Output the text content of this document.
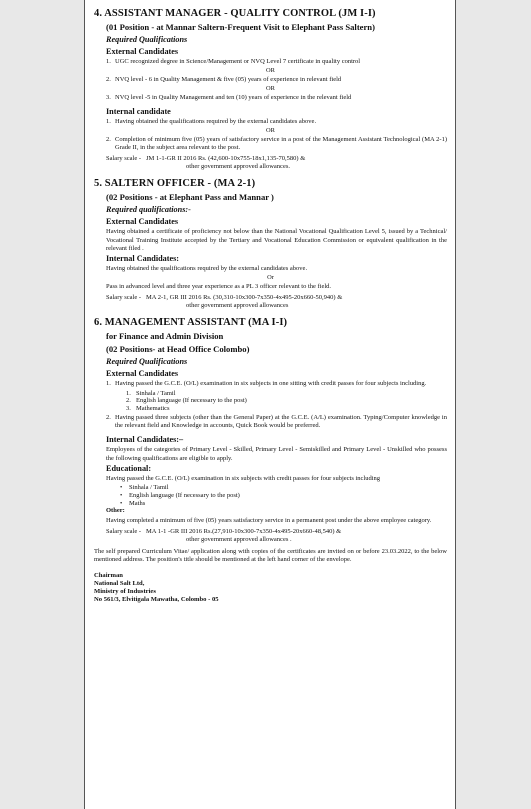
4. ASSISTANT MANAGER - QUALITY CONTROL (JM I-I)
(01 Position - at Mannar Saltern-Frequent Visit to Elephant Pass Saltern)
Required Qualifications
External Candidates
1. UGC recognized degree in Science/Management or NVQ Level 7 certificate in quality control
OR
2. NVQ level - 6 in Quality Management & five (05) years of experience in relevant field
OR
3. NVQ level -5 in Quality Management and ten (10) years of experience in the relevant field
Internal candidate
1. Having obtained the qualifications required by the external candidates above.
OR
2. Completion of minimum five (05) years of satisfactory service in a post of the Management Assistant Technological (MA 2-1) Grade II, in the subject area relevant to the post.
Salary scale - JM 1-1-GR II 2016 Rs. (42,600-10x755-18x1,135-70,580) &
other government approved allowances.
5. SALTERN OFFICER - (MA 2-1)
(02 Positions - at Elephant Pass and Mannar )
Required qualifications:-
External Candidates
Having obtained a certificate of proficiency not below than the National Vocational Qualification Level 5, issued by a Technical/ Vocational Training Institute accepted by the Tertiary and Vocational Education Commission or equivalent qualification in the relevant filed .
Internal Candidates:
Having obtained the qualifications required by the external candidates above.
Or
Pass in advanced level and three year experience as a PL 3 officer relevant to the field.
Salary scale - MA 2-1, GR III 2016 Rs. (30,310-10x300-7x350-4x495-20x660-50,940) &
other government approved allowances
6. MANAGEMENT ASSISTANT (MA I-I)
for Finance and Admin Division
(02 Positions- at Head Office Colombo)
Required Qualifications
External Candidates
1. Having passed the G.C.E. (O/L) examination in six subjects in one sitting with credit passes for four subjects including.
1. Sinhala / Tamil
2. English language (If necessary to the post)
3. Mathematics
2. Having passed three subjects (other than the General Paper) at the G.C.E. (A/L) examination. Typing/Computer knowledge in the relevant field and Knowledge in accounts, Quick Book would be preferred.
Internal Candidates:–
Employees of the categories of Primary Level - Skilled, Primary Level - Semiskilled and Primary Level - Unskilled who possess the following qualifications are eligible to apply.
Educational:
Having passed the G.C.E. (O/L) examination in six subjects with credit passes for four subjects including
• Sinhala / Tamil
• English language (If necessary to the post)
• Maths
Other:
Having completed a minimum of five (05) years satisfactory service in a permanent post under the above employee category.
Salary scale - MA 1-1 -GR III 2016 Rs.(27,910-10x300-7x350-4x495-20x660-48,540) &
other government approved allowances .
The self prepared Curriculum Vitae/ application along with copies of the certificates are invited on or before 23.03.2022, to the below mentioned address. The position's title should be mentioned at the left hand corner of the envelope.
Chairman
National Salt Ltd,
Ministry of Industries
No 561/3, Elvitigala Mawatha, Colombo - 05
